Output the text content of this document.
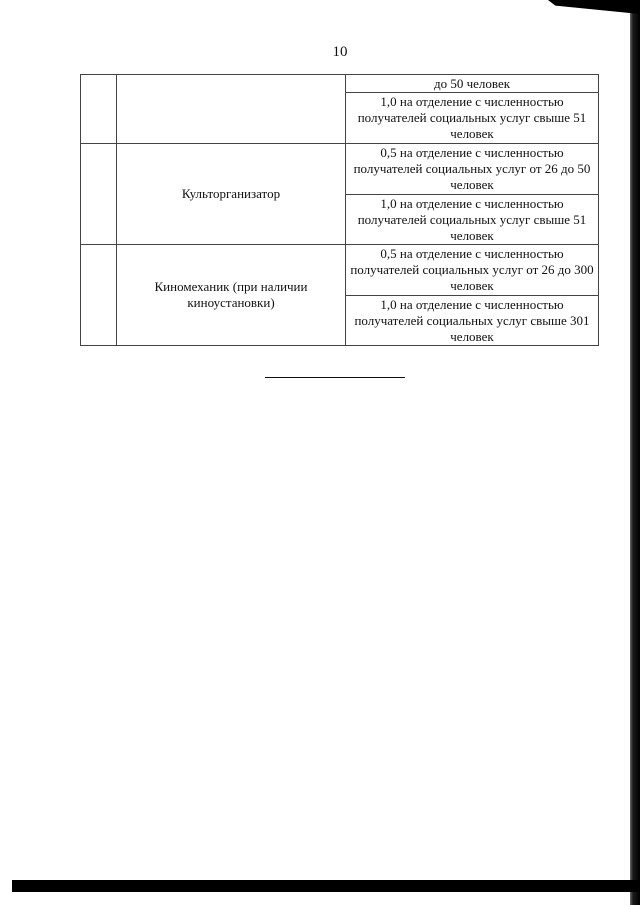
10
		до 50 человек
		1,0 на отделение с численностью получателей социальных услуг свыше 51 человек
	Культорганизатор	0,5 на отделение с численностью получателей социальных услуг от 26 до 50 человек
		1,0 на отделение с численностью получателей социальных услуг свыше 51 человек
	Киномеханик (при наличии киноустановки)	0,5 на отделение с численностью получателей социальных услуг от 26 до 300 человек
		1,0 на отделение с численностью получателей социальных услуг свыше 301 человек
